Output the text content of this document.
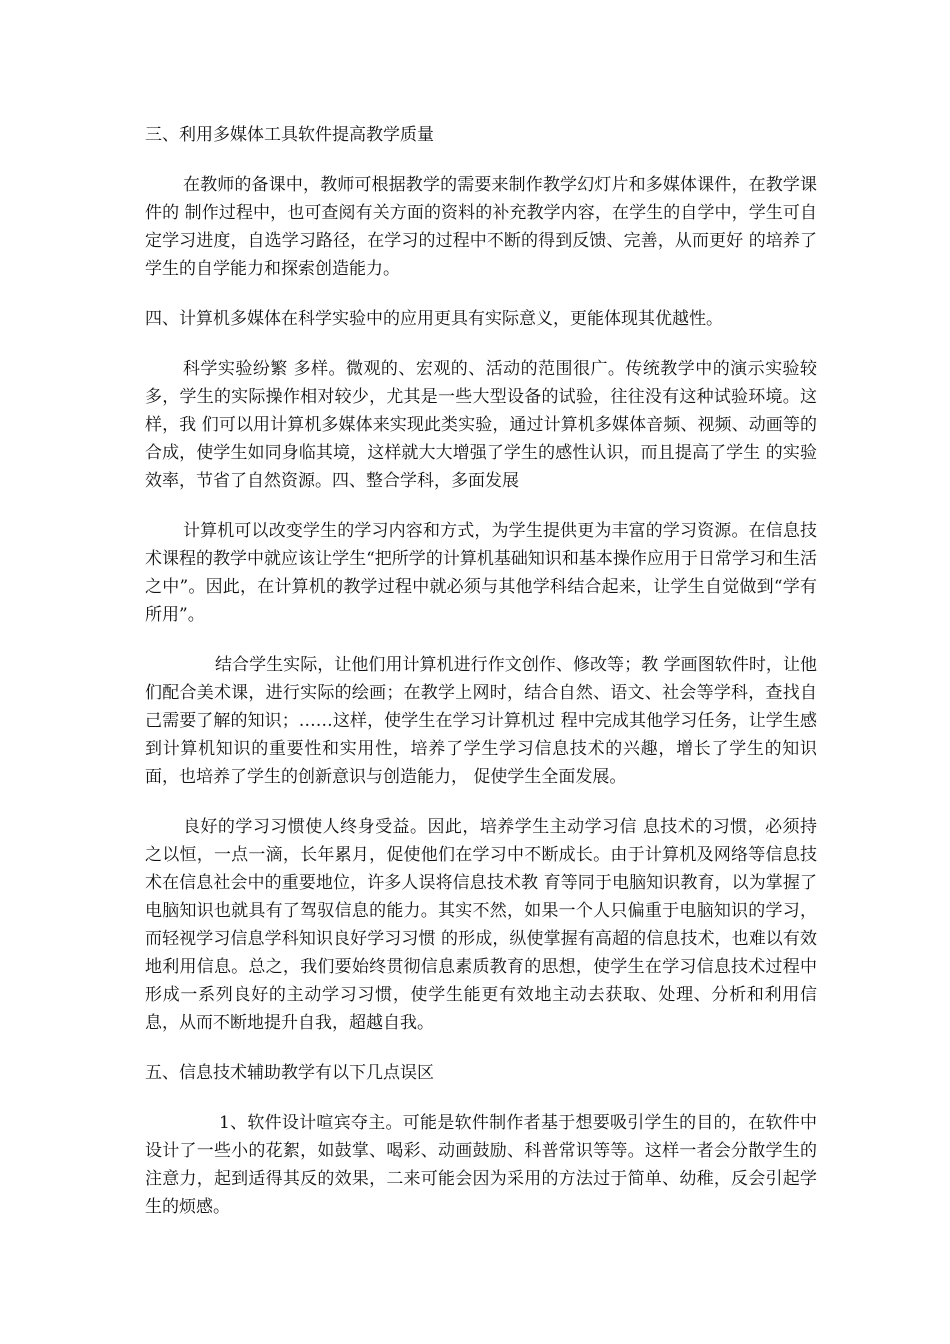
三、利用多媒体工具软件提高教学质量
在教师的备课中，教师可根据教学的需要来制作教学幻灯片和多媒体课件，在教学课件的 制作过程中，也可查阅有关方面的资料的补充教学内容，在学生的自学中，学生可自定学习进度，自选学习路径，在学习的过程中不断的得到反馈、完善，从而更好 的培养了学生的自学能力和探索创造能力。
四、计算机多媒体在科学实验中的应用更具有实际意义，更能体现其优越性。
科学实验纷繁 多样。微观的、宏观的、活动的范围很广。传统教学中的演示实验较多，学生的实际操作相对较少，尤其是一些大型设备的试验，往往没有这种试验环境。这样，我 们可以用计算机多媒体来实现此类实验，通过计算机多媒体音频、视频、动画等的合成，使学生如同身临其境，这样就大大增强了学生的感性认识，而且提高了学生 的实验效率，节省了自然资源。四、整合学科，多面发展
计算机可以改变学生的学习内容和方式，为学生提供更为丰富的学习资源。在信息技术课程的教学中就应该让学生“把所学的计算机基础知识和基本操作应用于日常学习和生活之中”。因此，在计算机的教学过程中就必须与其他学科结合起来，让学生自觉做到“学有所用”。
结合学生实际，让他们用计算机进行作文创作、修改等；教 学画图软件时，让他们配合美术课，进行实际的绘画；在教学上网时，结合自然、语文、社会等学科，查找自己需要了解的知识；……这样，使学生在学习计算机过 程中完成其他学习任务，让学生感到计算机知识的重要性和实用性，培养了学生学习信息技术的兴趣，增长了学生的知识面，也培养了学生的创新意识与创造能力， 促使学生全面发展。
良好的学习习惯使人终身受益。因此，培养学生主动学习信 息技术的习惯，必须持之以恒，一点一滴，长年累月，促使他们在学习中不断成长。由于计算机及网络等信息技术在信息社会中的重要地位，许多人误将信息技术教 育等同于电脑知识教育，以为掌握了电脑知识也就具有了驾驭信息的能力。其实不然，如果一个人只偏重于电脑知识的学习，而轻视学习信息学科知识良好学习习惯 的形成，纵使掌握有高超的信息技术，也难以有效地利用信息。总之，我们要始终贯彻信息素质教育的思想，使学生在学习信息技术过程中形成一系列良好的主动学习习惯，使学生能更有效地主动去获取、处理、分析和利用信息，从而不断地提升自我，超越自我。
五、信息技术辅助教学有以下几点误区
1、软件设计喧宾夺主。可能是软件制作者基于想要吸引学生的目的，在软件中设计了一些小的花絮，如鼓掌、喝彩、动画鼓励、科普常识等等。这样一者会分散学生的注意力，起到适得其反的效果，二来可能会因为采用的方法过于简单、幼稚，反会引起学生的烦感。
